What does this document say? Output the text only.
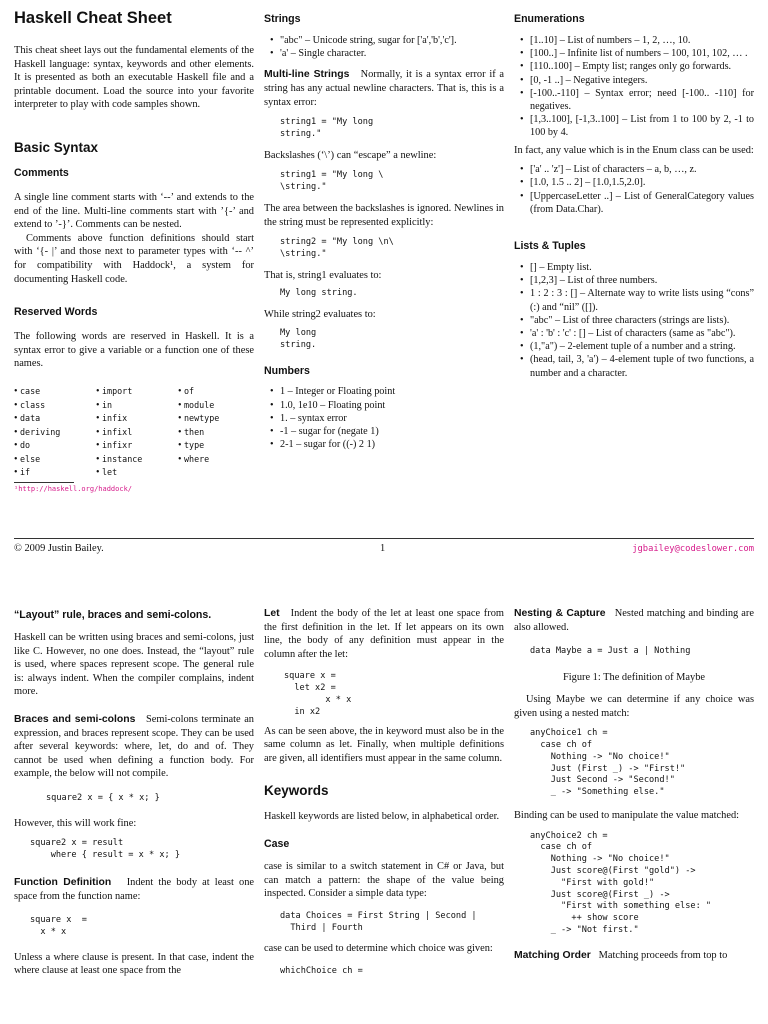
Haskell Cheat Sheet

This cheat sheet lays out the fundamental elements of the Haskell language: syntax, keywords and other elements. It is presented as both an executable Haskell file and a printable document. Load the source into your favorite interpreter to play with code samples shown.

Basic Syntax
Comments

A single line comment starts with ‘--’ and extends to the end of the line. Multi-line comments start with ’{-’ and extend to ’-}’. Comments can be nested.

Comments above function definitions should start with ‘{- |’ and those next to parameter types with ‘-- ^’ for compatibility with Haddock¹, a system for documenting Haskell code.

Reserved Words

The following words are reserved in Haskell. It is a syntax error to give a variable or a function one of these names.

• case	• import	• of
• class	• in	• module
• data	• infix	• newtype
• deriving	• infixl	• then
• do	• infixr	• type
• else	• instance	• where
• if	• let
¹http://haskell.org/haddock/
Strings
• "abc" – Unicode string, sugar for ['a','b','c'].
• 'a' – Single character.

Multi-line Strings Normally, it is a syntax error if a string has any actual newline characters. That is, this is a syntax error:

string1 = "My long
string."

Backslashes (‘\’) can “escape” a newline:

string1 = "My long \
\string."

The area between the backslashes is ignored. Newlines in the string must be represented explicitly:

string2 = "My long \n\
\string."

That is, string1 evaluates to:

My long string.

While string2 evaluates to:

My long
string.
Numbers
• 1 – Integer or Floating point
• 1.0, 1e10 – Floating point
• 1. – syntax error
• -1 – sugar for (negate 1)
• 2-1 – sugar for ((-) 2 1)
Enumerations
• [1..10] – List of numbers – 1, 2, …, 10.
• [100..] – Infinite list of numbers – 100, 101, 102, … .
• [110..100] – Empty list; ranges only go forwards.
• [0, -1 ..] – Negative integers.
• [-100..-110] – Syntax error; need [-100.. -110] for negatives.
• [1,3..100], [-1,3..100] – List from 1 to 100 by 2, -1 to 100 by 4.

In fact, any value which is in the Enum class can be used:

• ['a' .. 'z'] – List of characters – a, b, …, z.
• [1.0, 1.5 .. 2] – [1.0,1.5,2.0].
• [UppercaseLetter ..] – List of GeneralCategory values (from Data.Char).
Lists & Tuples
• [] – Empty list.
• [1,2,3] – List of three numbers.
• 1 : 2 : 3 : [] – Alternate way to write lists using “cons” (:) and “nil” ([]).
• "abc" – List of three characters (strings are lists).
• 'a' : 'b' : 'c' : [] – List of characters (same as "abc").
• (1,"a") – 2-element tuple of a number and a string.
• (head, tail, 3, 'a') – 4-element tuple of two functions, a number and a character.
© 2009 Justin Bailey.	1	jgbailey@codeslower.com
“Layout” rule, braces and semi-colons.

Haskell can be written using braces and semi-colons, just like C. However, no one does. Instead, the “layout” rule is used, where spaces represent scope. The general rule is: always indent. When the compiler complains, indent more.

Braces and semi-colons Semi-colons terminate an expression, and braces represent scope. They can be used after several keywords: where, let, do and of. They cannot be used when defining a function body. For example, the below will not compile.

square2 x = { x * x; }

However, this will work fine:

square2 x = result
where { result = x * x; }

Function Definition Indent the body at least one space from the function name:

square x  =
x * x

Unless a where clause is present. In that case, indent the where clause at least one space from the

Let Indent the body of the let at least one space from the first definition in the let. If let appears on its own line, the body of any definition must appear in the column after the let:

square x =
let x2 =
x * x
in x2

As can be seen above, the in keyword must also be in the same column as let. Finally, when multiple definitions are given, all identifiers must appear in the same column.

Keywords

Haskell keywords are listed below, in alphabetical order.

Case

case is similar to a switch statement in C# or Java, but can match a pattern: the shape of the value being inspected. Consider a simple data type:

data Choices = First String | Second |
Third | Fourth

case can be used to determine which choice was given:

whichChoice ch =

Nesting & Capture Nested matching and binding are also allowed.

data Maybe a = Just a | Nothing
Figure 1: The definition of Maybe

Using Maybe we can determine if any choice was given using a nested match:

anyChoice1 ch =
case ch of
Nothing -> "No choice!"
Just (First _) -> "First!"
Just Second -> "Second!"
_ -> "Something else."

Binding can be used to manipulate the value matched:

anyChoice2 ch =
case ch of
Nothing -> "No choice!"
Just score@(First "gold") ->
"First with gold!"
Just score@(First _) ->
"First with something else: "
++ show score
_ -> "Not first."

Matching Order Matching proceeds from top to
